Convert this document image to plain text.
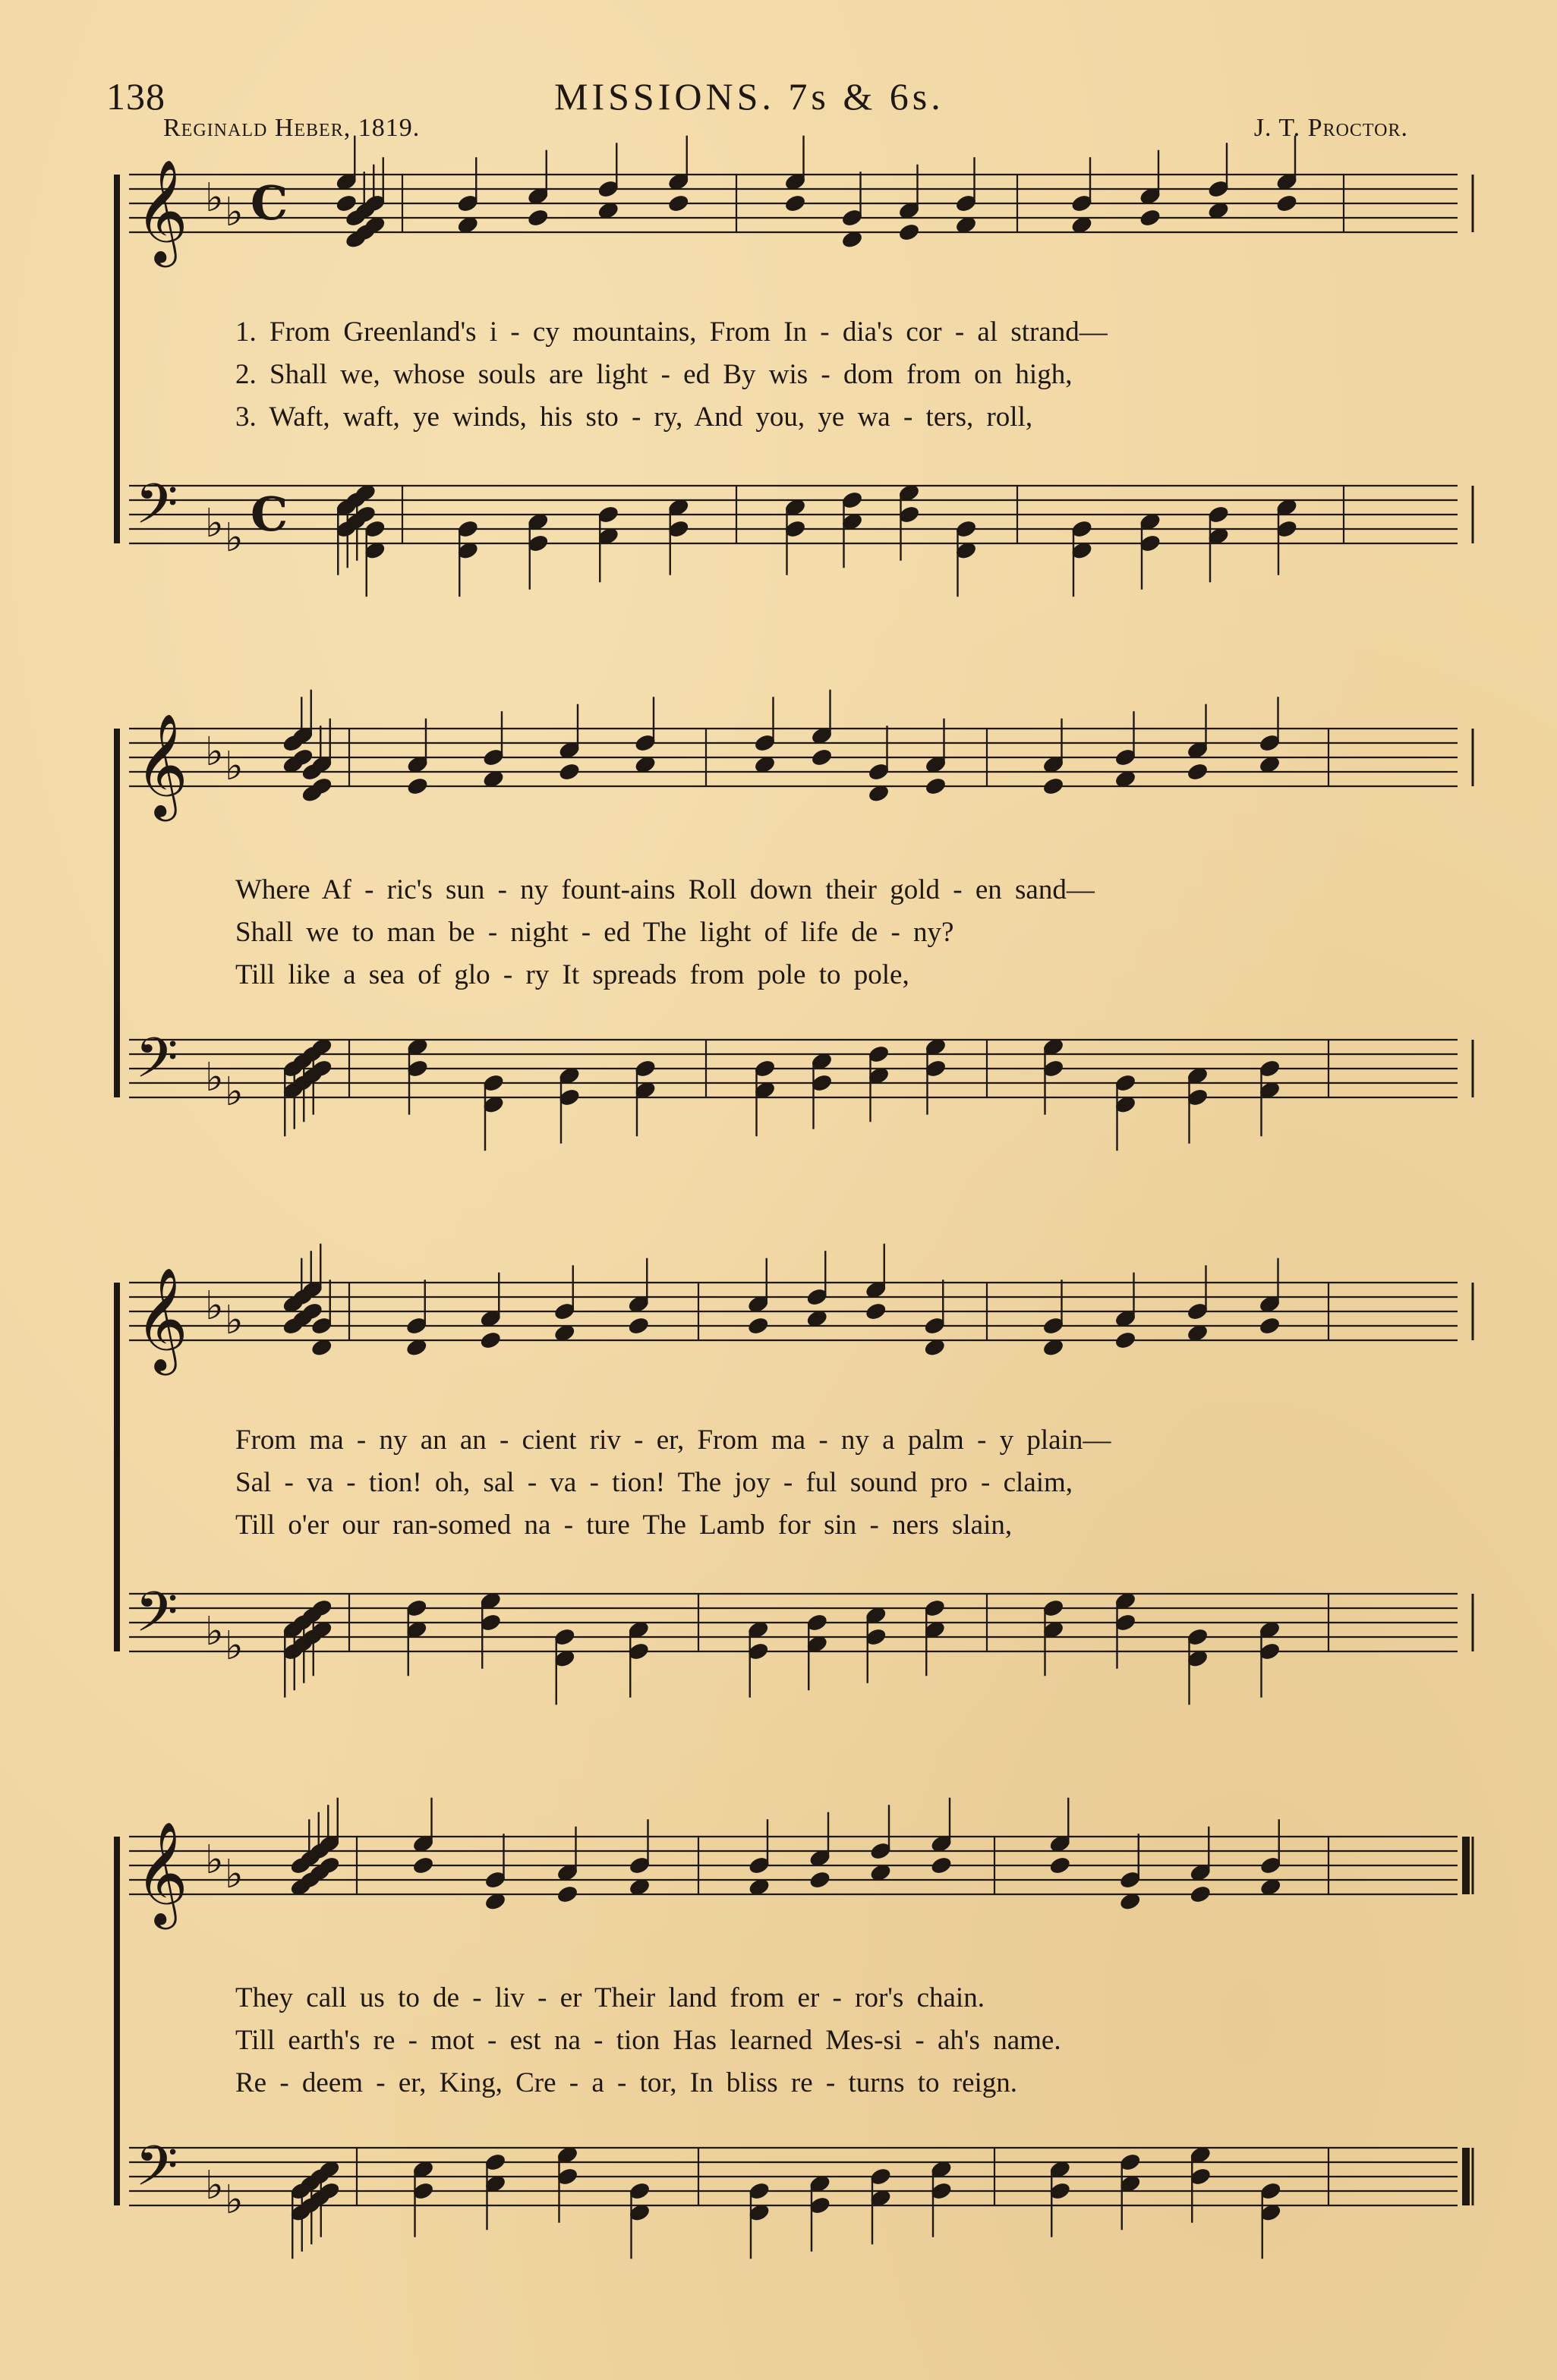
138	MISSIONS. 7s & 6s.
Reginald Heber, 1819.	J. T. Proctor.
𝄞 ♭ ♭ C
𝄢 ♭ ♭ C
1. From Greenland's i - cy mountains, From In - dia's cor - al strand—
2. Shall we, whose souls are light - ed By wis - dom from on high,
3. Waft, waft, ye winds, his sto - ry, And you, ye wa - ters, roll,
𝄞 ♭ ♭
𝄢 ♭ ♭
Where Af - ric's sun - ny fount-ains Roll down their gold - en sand—
Shall we to man be - night - ed The light of life de - ny?
Till like a sea of glo - ry It spreads from pole to pole,
𝄞 ♭ ♭
𝄢 ♭ ♭
From ma - ny an an - cient riv - er, From ma - ny a palm - y plain—
Sal - va - tion! oh, sal - va - tion! The joy - ful sound pro - claim,
Till o'er our ran-somed na - ture The Lamb for sin - ners slain,
𝄞 ♭ ♭
𝄢 ♭ ♭
They call us to de - liv - er Their land from er - ror's chain.
Till earth's re - mot - est na - tion Has learned Mes-si - ah's name.
Re - deem - er, King, Cre - a - tor, In bliss re - turns to reign.
